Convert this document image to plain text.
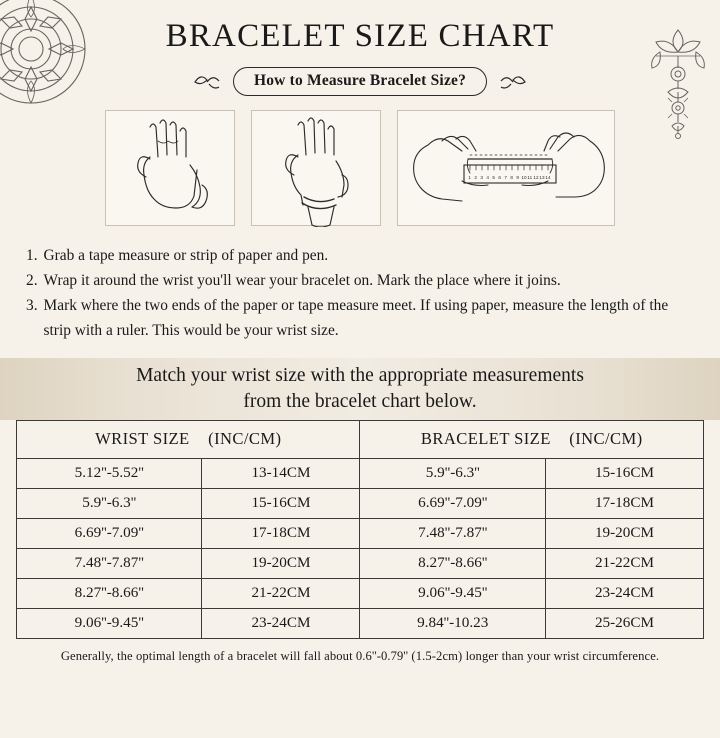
BRACELET SIZE CHART
How to Measure Bracelet Size?
1 2 3 4 5 6 7 8 9 10 11 12 13 14
1. Grab a tape measure or strip of paper and pen.
2. Wrap it around the wrist you'll wear your bracelet on. Mark the place where it joins.
3. Mark where the two ends of the paper or tape measure meet. If using paper, measure the length of the strip with a ruler. This would be your wrist size.
Match your wrist size with the appropriate measurements
from the bracelet chart below.
WRIST SIZE (INC/CM)		BRACELET SIZE (INC/CM)	
5.12''-5.52''	13-14CM	5.9''-6.3''	15-16CM
5.9''-6.3''	15-16CM	6.69''-7.09''	17-18CM
6.69''-7.09''	17-18CM	7.48''-7.87''	19-20CM
7.48''-7.87''	19-20CM	8.27''-8.66''	21-22CM
8.27''-8.66''	21-22CM	9.06''-9.45''	23-24CM
9.06''-9.45''	23-24CM	9.84''-10.23	25-26CM
Generally, the optimal length of a bracelet will fall about 0.6''-0.79'' (1.5-2cm) longer than your wrist circumference.
